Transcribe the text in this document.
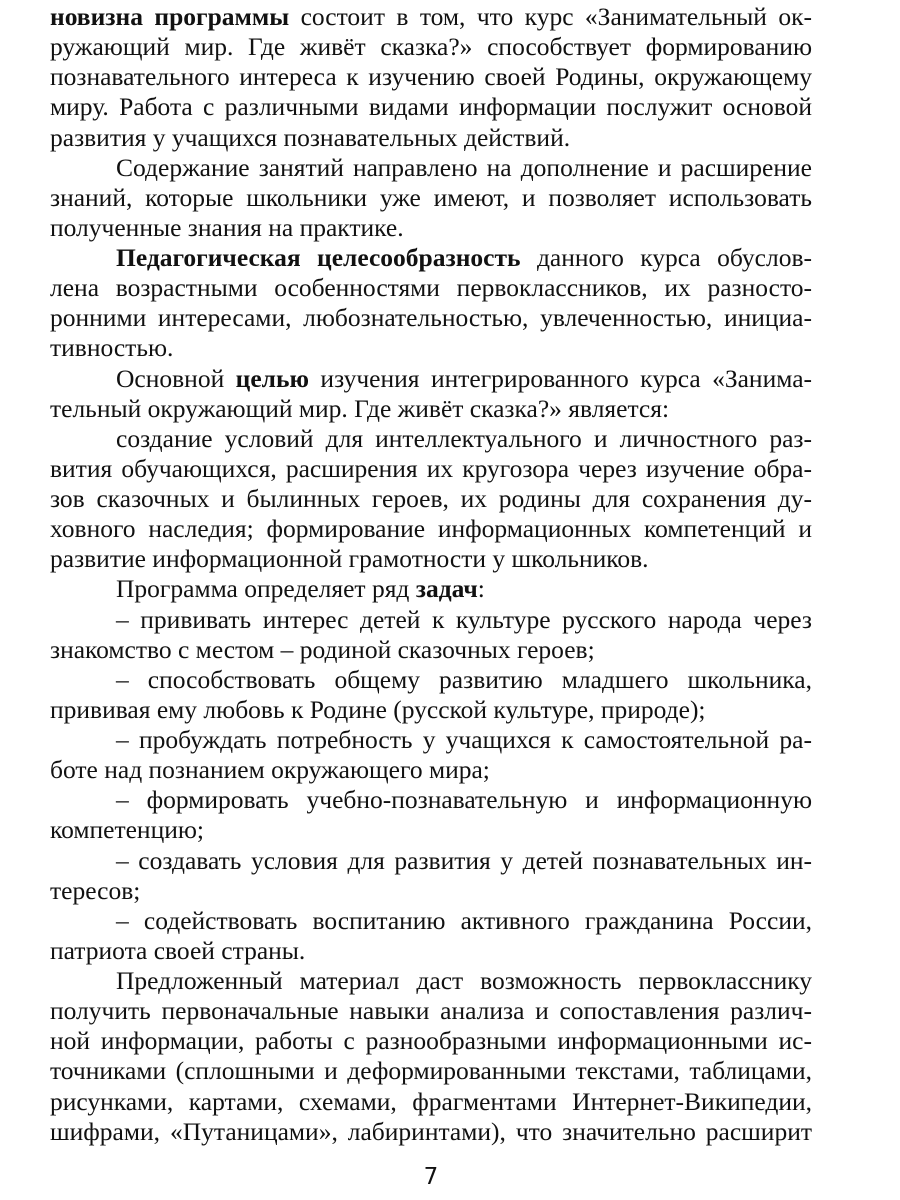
новизна программы состоит в том, что курс «Занимательный ок-
ружающий мир. Где живёт сказка?» способствует формированию
познавательного интереса к изучению своей Родины, окружающему
миру. Работа с различными видами информации послужит основой
развития у учащихся познавательных действий.
Содержание занятий направлено на дополнение и расширение
знаний, которые школьники уже имеют, и позволяет использовать
полученные знания на практике.
Педагогическая целесообразность данного курса обуслов-
лена возрастными особенностями первоклассников, их разносто-
ронними интересами, любознательностью, увлеченностью, инициа-
тивностью.
Основной целью изучения интегрированного курса «Занима-
тельный окружающий мир. Где живёт сказка?» является:
создание условий для интеллектуального и личностного раз-
вития обучающихся, расширения их кругозора через изучение обра-
зов сказочных и былинных героев, их родины для сохранения ду-
ховного наследия; формирование информационных компетенций и
развитие информационной грамотности у школьников.
Программа определяет ряд задач:
– прививать интерес детей к культуре русского народа через
знакомство с местом – родиной сказочных героев;
– способствовать общему развитию младшего школьника,
прививая ему любовь к Родине (русской культуре, природе);
– пробуждать потребность у учащихся к самостоятельной ра-
боте над познанием окружающего мира;
– формировать учебно-познавательную и информационную
компетенцию;
– создавать условия для развития у детей познавательных ин-
тересов;
– содействовать воспитанию активного гражданина России,
патриота своей страны.
Предложенный материал даст возможность первокласснику
получить первоначальные навыки анализа и сопоставления различ-
ной информации, работы с разнообразными информационными ис-
точниками (сплошными и деформированными текстами, таблицами,
рисунками, картами, схемами, фрагментами Интернет-Википедии,
шифрами, «Путаницами», лабиринтами), что значительно расширит
7
